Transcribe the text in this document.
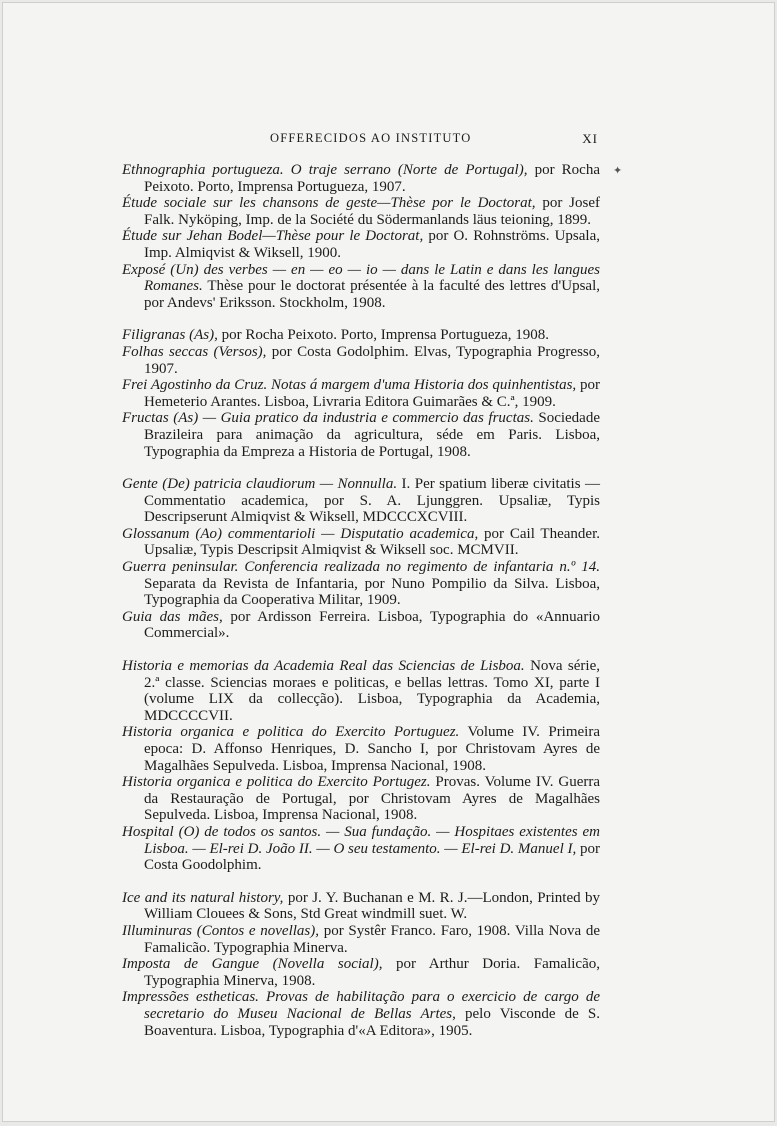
OFFERECIDOS AO INSTITUTO	XI
✦

Ethnographia portugueza. O traje serrano (Norte de Portugal), por Rocha Peixoto. Porto, Imprensa Portugueza, 1907.

Étude sociale sur les chansons de geste—Thèse por le Doctorat, por Josef Falk. Nyköping, Imp. de la Société du Södermanlands läus teioning, 1899.

Étude sur Jehan Bodel—Thèse pour le Doctorat, por O. Rohnströms. Upsala, Imp. Almiqvist & Wiksell, 1900.

Exposé (Un) des verbes — en — eo — io — dans le Latin e dans les langues Romanes. Thèse pour le doctorat présentée à la faculté des lettres d'Upsal, por Andevs' Eriksson. Stockholm, 1908.

Filigranas (As), por Rocha Peixoto. Porto, Imprensa Portugueza, 1908.

Folhas seccas (Versos), por Costa Godolphim. Elvas, Typographia Progresso, 1907.

Frei Agostinho da Cruz. Notas á margem d'uma Historia dos quinhentistas, por Hemeterio Arantes. Lisboa, Livraria Editora Guimarães & C.ª, 1909.

Fructas (As) — Guia pratico da industria e commercio das fructas. Sociedade Brazileira para animação da agricultura, séde em Paris. Lisboa, Typographia da Empreza a Historia de Portugal, 1908.

Gente (De) patricia claudiorum — Nonnulla. I. Per spatium liberæ civitatis — Commentatio academica, por S. A. Ljunggren. Upsaliæ, Typis Descripserunt Almiqvist & Wiksell, MDCCCXCVIII.

Glossanum (Ao) commentarioli — Disputatio academica, por Cail Theander. Upsaliæ, Typis Descripsit Almiqvist & Wiksell soc. MCMVII.

Guerra peninsular. Conferencia realizada no regimento de infantaria n.º 14. Separata da Revista de Infantaria, por Nuno Pompilio da Silva. Lisboa, Typographia da Cooperativa Militar, 1909.

Guia das mães, por Ardisson Ferreira. Lisboa, Typographia do «Annuario Commercial».

Historia e memorias da Academia Real das Sciencias de Lisboa. Nova série, 2.ª classe. Sciencias moraes e politicas, e bellas lettras. Tomo XI, parte I (volume LIX da collecção). Lisboa, Typographia da Academia, MDCCCCVII.

Historia organica e politica do Exercito Portuguez. Volume IV. Primeira epoca: D. Affonso Henriques, D. Sancho I, por Christovam Ayres de Magalhães Sepulveda. Lisboa, Imprensa Nacional, 1908.

Historia organica e politica do Exercito Portugez. Provas. Volume IV. Guerra da Restauração de Portugal, por Christovam Ayres de Magalhães Sepulveda. Lisboa, Imprensa Nacional, 1908.

Hospital (O) de todos os santos. — Sua fundação. — Hospitaes existentes em Lisboa. — El-rei D. João II. — O seu testamento. — El-rei D. Manuel I, por Costa Goodolphim.

Ice and its natural history, por J. Y. Buchanan e M. R. J.—London, Printed by William Clouees & Sons, Std Great windmill suet. W.

Illuminuras (Contos e novellas), por Systêr Franco. Faro, 1908. Villa Nova de Famalicão. Typographia Minerva.

Imposta de Gangue (Novella social), por Arthur Doria. Famalicão, Typographia Minerva, 1908.

Impressões estheticas. Provas de habilitação para o exercicio de cargo de secretario do Museu Nacional de Bellas Artes, pelo Visconde de S. Boaventura. Lisboa, Typographia d'«A Editora», 1905.
